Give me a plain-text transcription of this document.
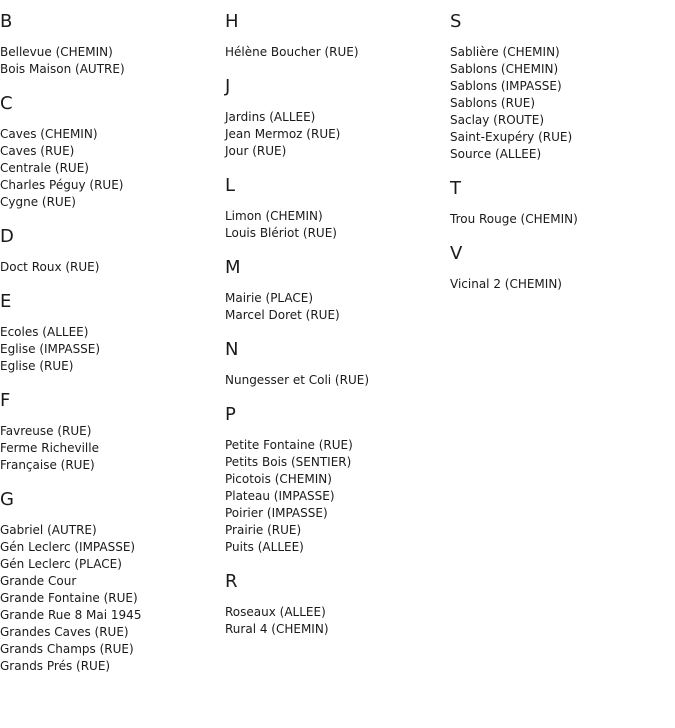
B
Bellevue (CHEMIN)
Bois Maison (AUTRE)
C
Caves (CHEMIN)
Caves (RUE)
Centrale (RUE)
Charles Péguy (RUE)
Cygne (RUE)
D
Doct Roux (RUE)
E
Ecoles (ALLEE)
Eglise (IMPASSE)
Eglise (RUE)
F
Favreuse (RUE)
Ferme Richeville
Française (RUE)
G
Gabriel (AUTRE)
Gén Leclerc (IMPASSE)
Gén Leclerc (PLACE)
Grande Cour
Grande Fontaine (RUE)
Grande Rue 8 Mai 1945
Grandes Caves (RUE)
Grands Champs (RUE)
Grands Prés (RUE)
H
Hélène Boucher (RUE)
J
Jardins (ALLEE)
Jean Mermoz (RUE)
Jour (RUE)
L
Limon (CHEMIN)
Louis Blériot (RUE)
M
Mairie (PLACE)
Marcel Doret (RUE)
N
Nungesser et Coli (RUE)
P
Petite Fontaine (RUE)
Petits Bois (SENTIER)
Picotois (CHEMIN)
Plateau (IMPASSE)
Poirier (IMPASSE)
Prairie (RUE)
Puits (ALLEE)
R
Roseaux (ALLEE)
Rural 4 (CHEMIN)
S
Sablière (CHEMIN)
Sablons (CHEMIN)
Sablons (IMPASSE)
Sablons (RUE)
Saclay (ROUTE)
Saint-Exupéry (RUE)
Source (ALLEE)
T
Trou Rouge (CHEMIN)
V
Vicinal 2 (CHEMIN)
